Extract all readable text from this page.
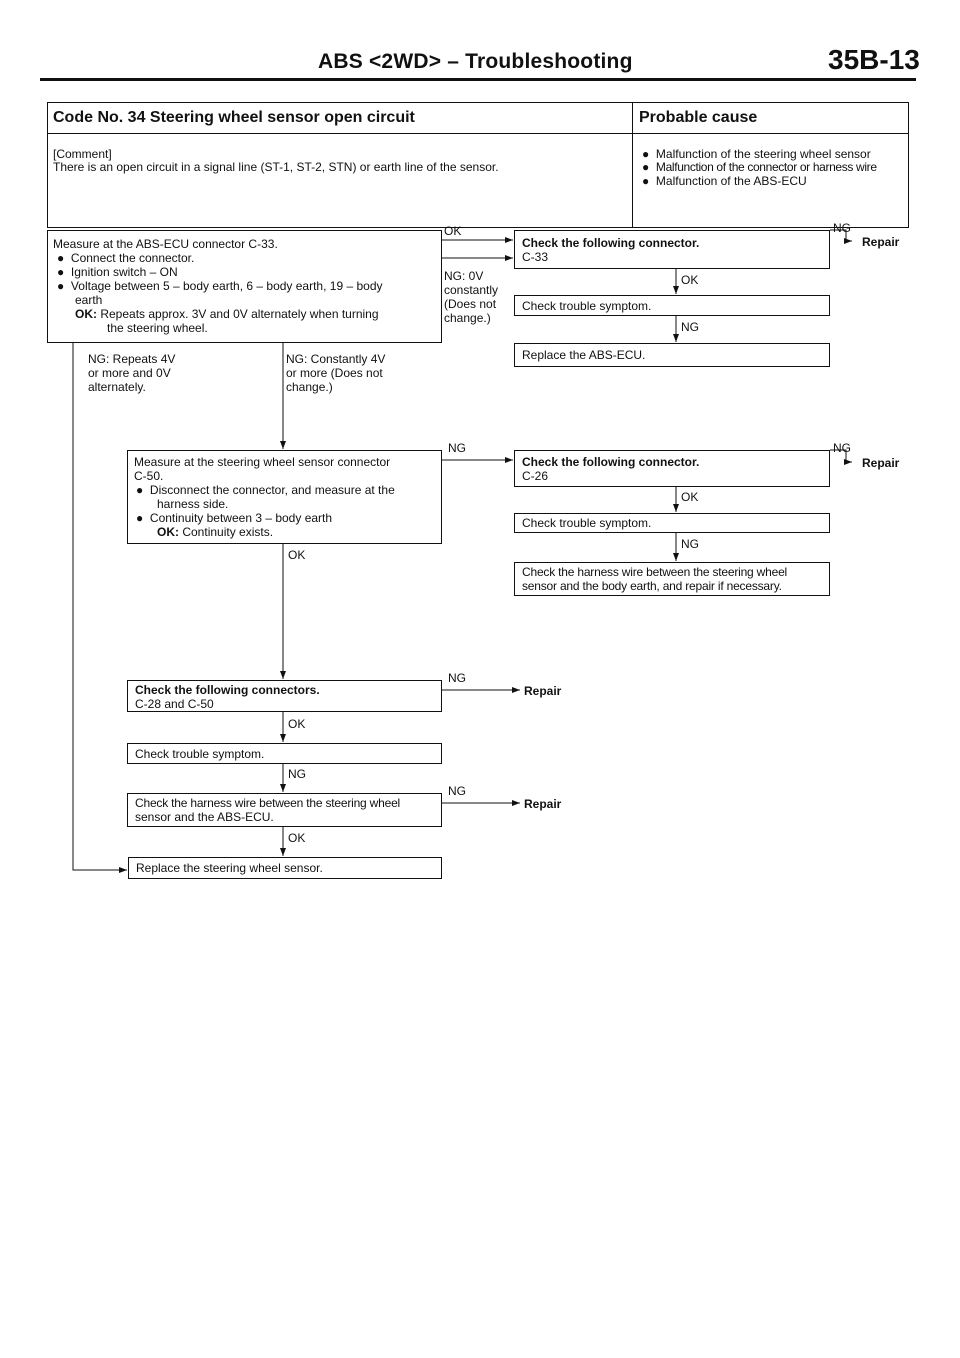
ABS <2WD> – Troubleshooting	35B-13
Code No. 34 Steering wheel sensor open circuit	Probable cause
[Comment]
There is an open circuit in a signal line (ST-1, ST-2, STN) or earth line of the sensor.
●  Malfunction of the steering wheel sensor
●  Malfunction of the connector or harness wire
●  Malfunction of the ABS-ECU
Measure at the ABS-ECU connector C-33.
●  Connect the connector.
●  Ignition switch – ON
●  Voltage between 5 – body earth, 6 – body earth, 19 – body
earth
OK: Repeats approx. 3V and 0V alternately when turning
the steering wheel.
OK
NG: 0V
constantly
(Does not
change.)
NG: Repeats 4V
or more and 0V
alternately.
NG: Constantly 4V
or more (Does not
change.)
Check the following connector.
C-33
NG
Repair
OK
Check trouble symptom.
NG
Replace the ABS-ECU.
Measure at the steering wheel sensor connector
C-50.
●  Disconnect the connector, and measure at the
harness side.
●  Continuity between 3 – body earth
OK: Continuity exists.
NG
OK
Check the following connector.
C-26
NG
Repair
OK
Check trouble symptom.
NG
Check the harness wire between the steering wheel
sensor and the body earth, and repair if necessary.
Check the following connectors.
C-28 and C-50
NG
Repair
OK
Check trouble symptom.
NG
Check the harness wire between the steering wheel
sensor and the ABS-ECU.
NG
Repair
OK
Replace the steering wheel sensor.
